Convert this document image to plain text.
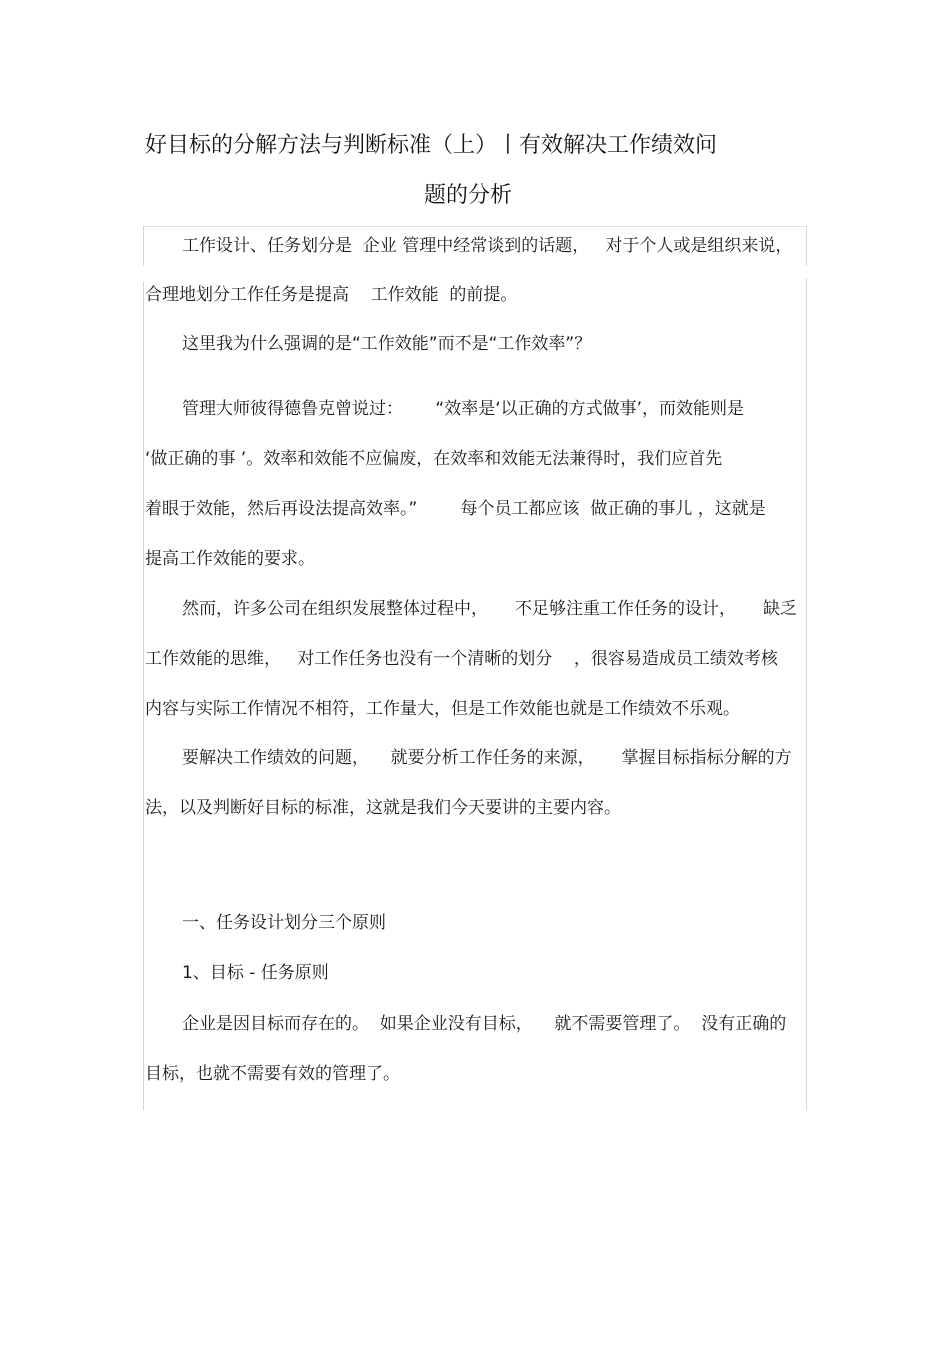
好目标的分解方法与判断标准（上）丨有效解决工作绩效问
题的分析
工作设计、任务划分是  企业 管理中经常谈到的话题，   对于个人或是组织来说，
合理地划分工作任务是提高    工作效能  的前提。
这里我为什么强调的是“工作效能”而不是“工作效率”？
管理大师彼得德鲁克曾说过：      “效率是‘以正确的方式做事’，而效能则是
‘做正确的事 ’。效率和效能不应偏废，在效率和效能无法兼得时，我们应首先
着眼于效能，然后再设法提高效率。”        每个员工都应该  做正确的事儿 ，这就是
提高工作效能的要求。
然而，许多公司在组织发展整体过程中，     不足够注重工作任务的设计，     缺乏
工作效能的思维，   对工作任务也没有一个清晰的划分    ，很容易造成员工绩效考核
内容与实际工作情况不相符，工作量大，但是工作效能也就是工作绩效不乐观。
要解决工作绩效的问题，    就要分析工作任务的来源，     掌握目标指标分解的方
法，以及判断好目标的标准，这就是我们今天要讲的主要内容。
一、任务设计划分三个原则
1、目标 - 任务原则
企业是因目标而存在的。  如果企业没有目标，    就不需要管理了。  没有正确的
目标，也就不需要有效的管理了。
